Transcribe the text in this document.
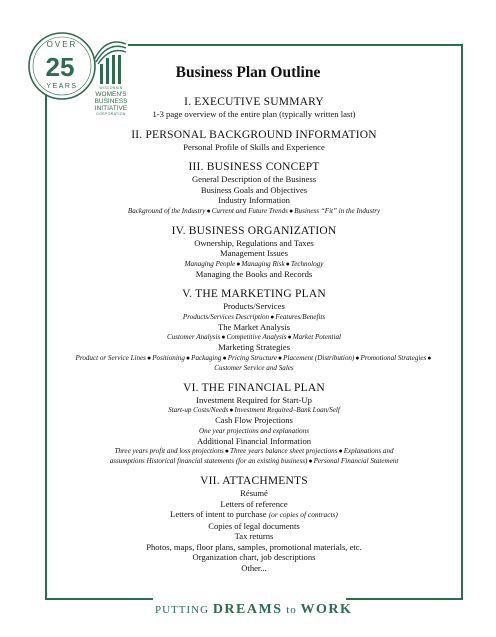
OVER
25
YEARS	WISCONSIN
WOMEN'S
BUSINESS
INITIATIVE
CORPORATION
Business Plan Outline
I. EXECUTIVE SUMMARY
1-3 page overview of the entire plan (typically written last)
II. PERSONAL BACKGROUND INFORMATION
Personal Profile of Skills and Experience
III. BUSINESS CONCEPT
General Description of the Business
Business Goals and Objectives
Industry Information
Background of the Industry●Current and Future Trends●Business “Fit” in the Industry
IV. BUSINESS ORGANIZATION
Ownership, Regulations and Taxes
Management Issues
Managing People●Managing Risk●Technology
Managing the Books and Records
V. THE MARKETING PLAN
Products/Services
Products/Services Description●Features/Benefits
The Market Analysis
Customer Analysis●Competitive Analysis●Market Potential
Marketing Strategies
Product or Service Lines●Positioning●Packaging●Pricing Structure●Placement (Distribution)●Promotional Strategies●
Customer Service and Sales
VI. THE FINANCIAL PLAN
Investment Required for Start-Up
Start-up Costs/Needs●Investment Required–Bank Loan/Self
Cash Flow Projections
One year projections and explanations
Additional Financial Information
Three years profit and loss projections●Three years balance sheet projections●Explanations and
assumptions Historical financial statements (for an existing business)●Personal Financial Statement
VII. ATTACHMENTS
Résumé
Letters of reference
Letters of intent to purchase (or copies of contracts)
Copies of legal documents
Tax returns
Photos, maps, floor plans, samples, promotional materials, etc.
Organization chart, job descriptions
Other...
PUTTING DREAMS to WORK
